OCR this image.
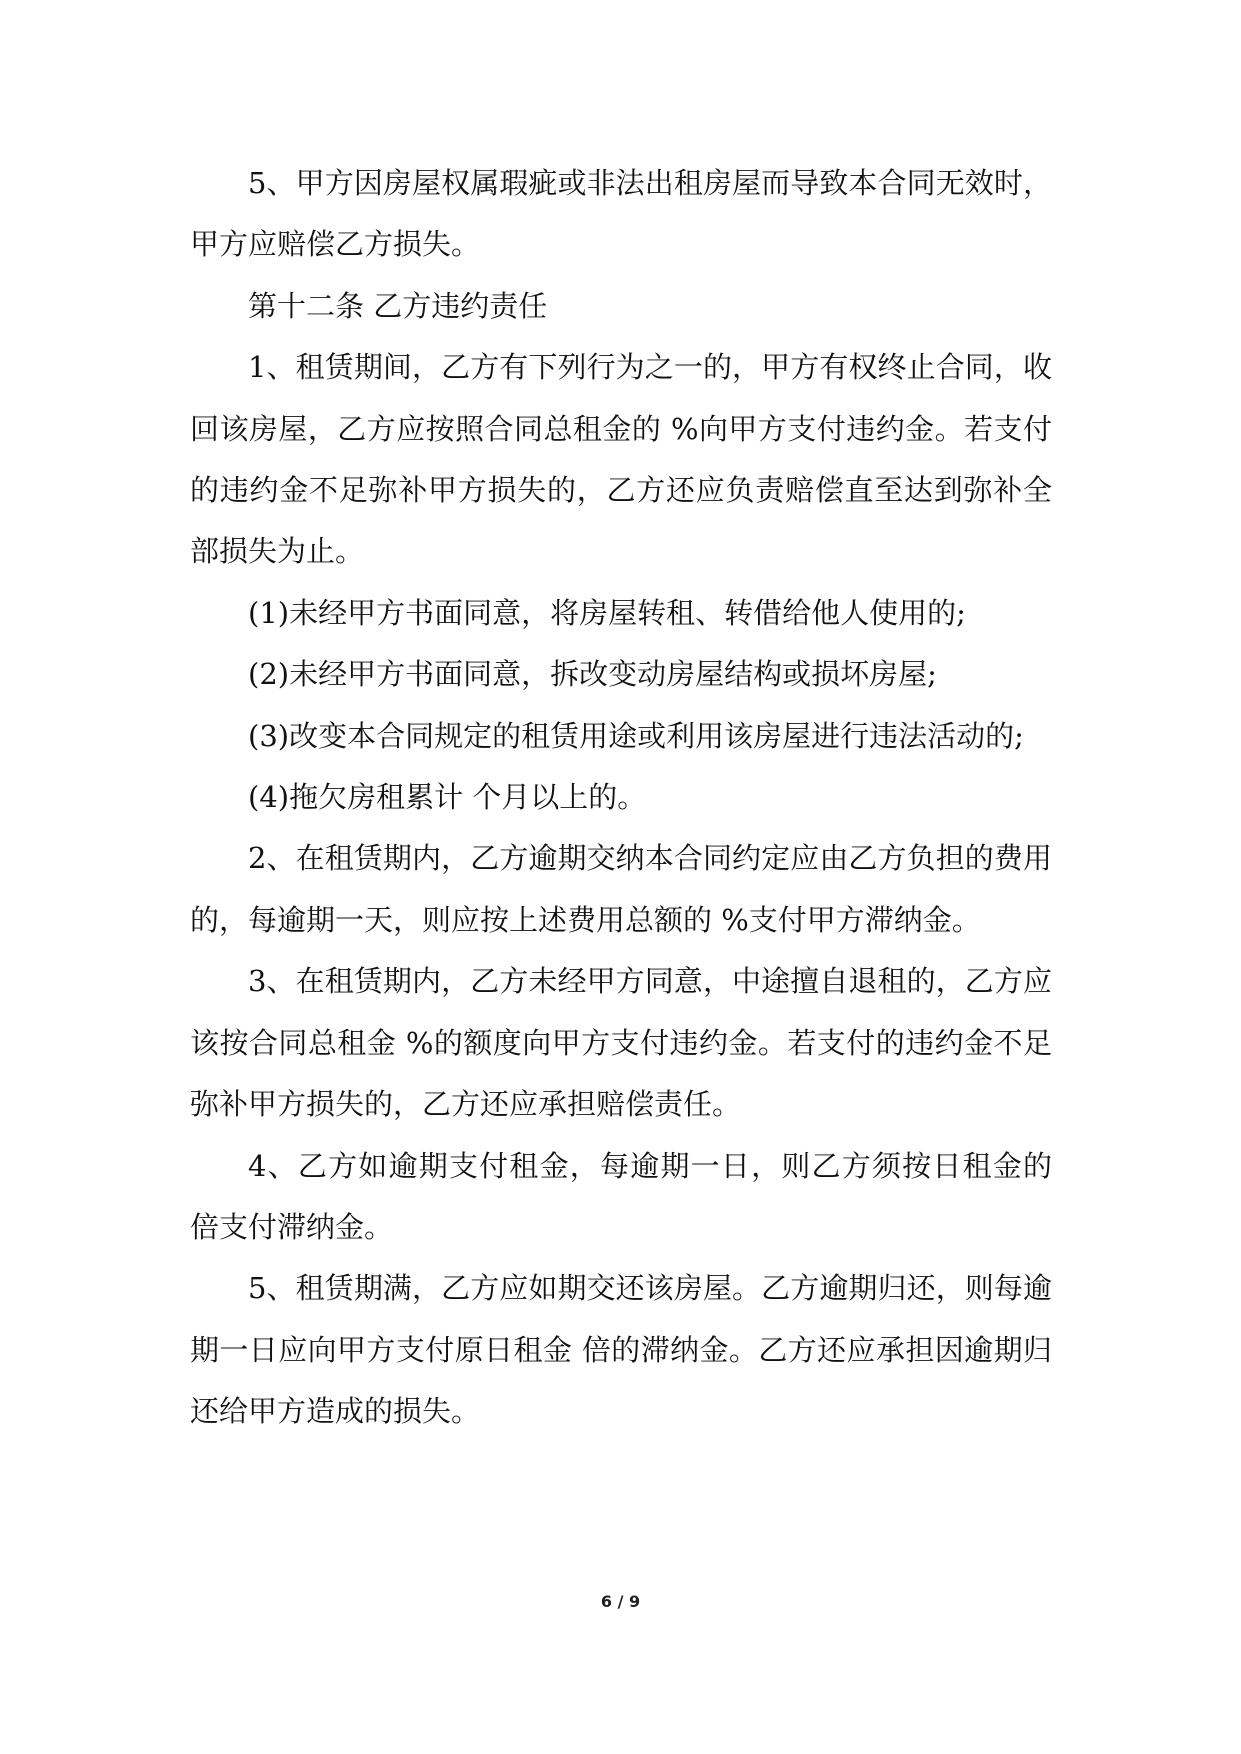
5、甲方因房屋权属瑕疵或非法出租房屋而导致本合同无效时，甲方应赔偿乙方损失。

第十二条 乙方违约责任

1、租赁期间，乙方有下列行为之一的，甲方有权终止合同，收回该房屋，乙方应按照合同总租金的 %向甲方支付违约金。若支付的违约金不足弥补甲方损失的，乙方还应负责赔偿直至达到弥补全部损失为止。

(1)未经甲方书面同意，将房屋转租、转借给他人使用的;

(2)未经甲方书面同意，拆改变动房屋结构或损坏房屋;

(3)改变本合同规定的租赁用途或利用该房屋进行违法活动的;

(4)拖欠房租累计 个月以上的。

2、在租赁期内，乙方逾期交纳本合同约定应由乙方负担的费用的，每逾期一天，则应按上述费用总额的 %支付甲方滞纳金。

3、在租赁期内，乙方未经甲方同意，中途擅自退租的，乙方应该按合同总租金 %的额度向甲方支付违约金。若支付的违约金不足弥补甲方损失的，乙方还应承担赔偿责任。

4、乙方如逾期支付租金，每逾期一日，则乙方须按日租金的 倍支付滞纳金。

5、租赁期满，乙方应如期交还该房屋。乙方逾期归还，则每逾期一日应向甲方支付原日租金 倍的滞纳金。乙方还应承担因逾期归还给甲方造成的损失。

6 / 9
